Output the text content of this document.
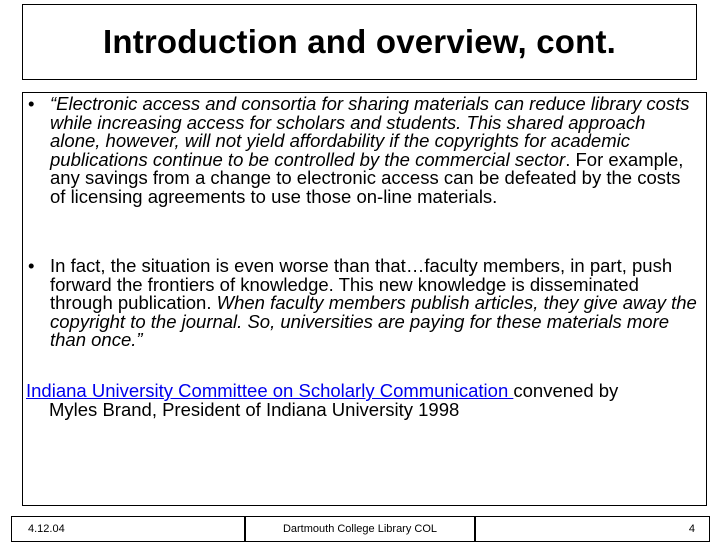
Introduction and overview, cont.
• “Electronic access and consortia for sharing materials can reduce library costs while increasing access for scholars and students. This shared approach alone, however, will not yield affordability if the copyrights for academic publications continue to be controlled by the commercial sector. For example, any savings from a change to electronic access can be defeated by the costs of licensing agreements to use those on-line materials.
• In fact, the situation is even worse than that…faculty members, in part, push forward the frontiers of knowledge. This new knowledge is disseminated through publication. When faculty members publish articles, they give away the copyright to the journal. So, universities are paying for these materials more than once.”
Indiana University Committee on Scholarly Communication convened by
Myles Brand, President of Indiana University 1998
4.12.04	Dartmouth College Library COL	4
